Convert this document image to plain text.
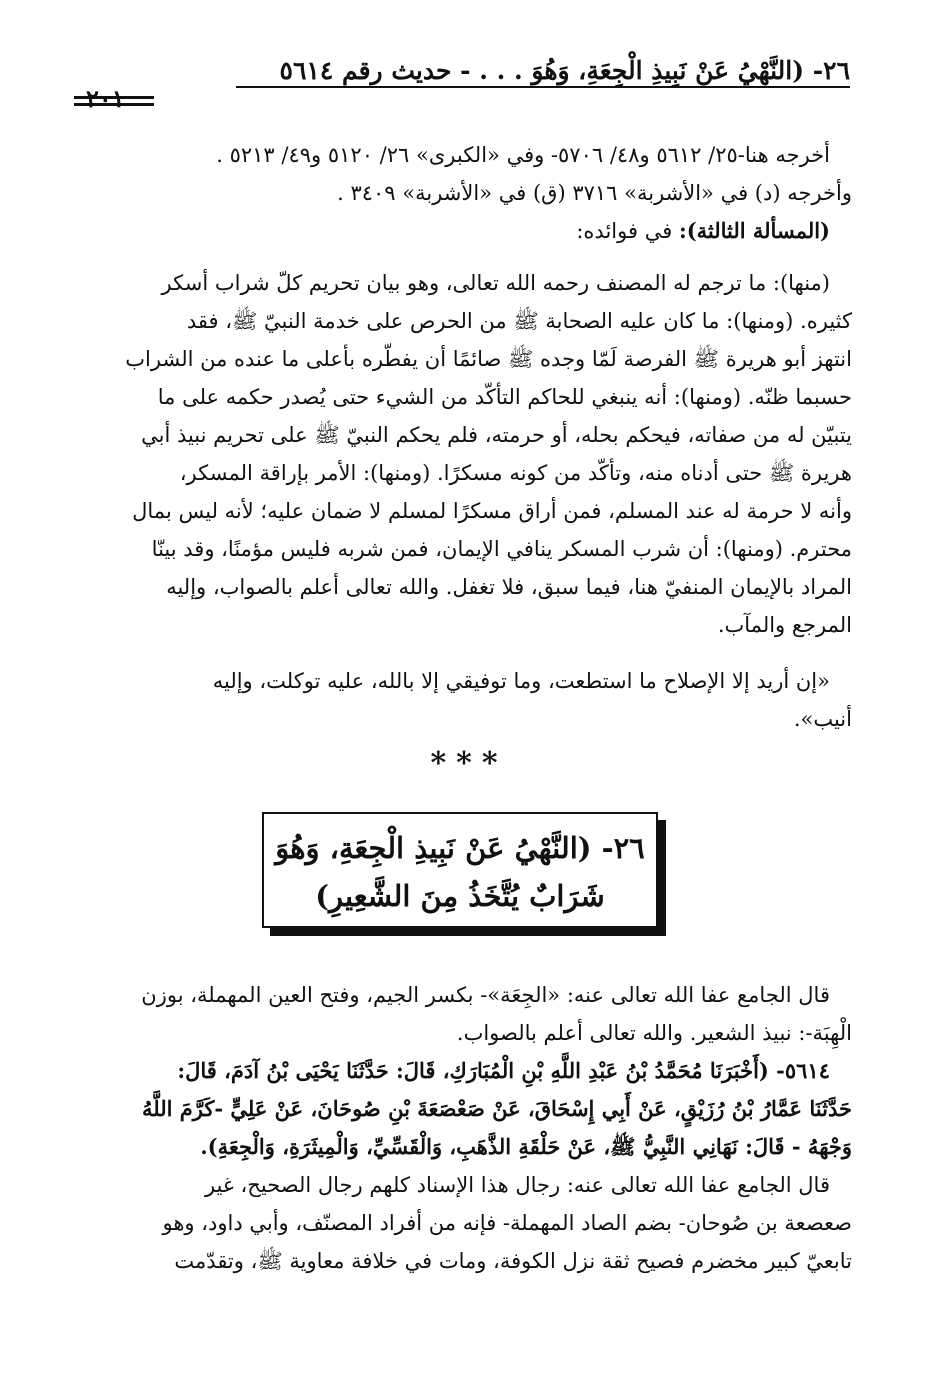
٢٦- (النَّهْيُ عَنْ نَبِيذِ الْجِعَةِ، وَهُوَ . . . - حديث رقم ٥٦١٤
٢٠١
أخرجه هنا-٢٥/ ٥٦١٢ و٤٨/ ٥٧٠٦- وفي «الكبرى» ٢٦/ ٥١٢٠ و٤٩/ ٥٢١٣ .
وأخرجه (د) في «الأشربة» ٣٧١٦ (ق) في «الأشربة» ٣٤٠٩ .
(المسألة الثالثة): في فوائده:
(منها): ما ترجم له المصنف رحمه الله تعالى، وهو بيان تحريم كلّ شراب أسكر
كثيره. (ومنها): ما كان عليه الصحابة ﷺ من الحرص على خدمة النبيّ ﷺ، فقد
انتهز أبو هريرة ﷺ الفرصة لَمّا وجده ﷺ صائمًا أن يفطّره بأعلى ما عنده من الشراب
حسبما ظنّه. (ومنها): أنه ينبغي للحاكم التأكّد من الشيء حتى يُصدر حكمه على ما
يتبيّن له من صفاته، فيحكم بحله، أو حرمته، فلم يحكم النبيّ ﷺ على تحريم نبيذ أبي
هريرة ﷺ حتى أدناه منه، وتأكّد من كونه مسكرًا. (ومنها): الأمر بإراقة المسكر،
وأنه لا حرمة له عند المسلم، فمن أراق مسكرًا لمسلم لا ضمان عليه؛ لأنه ليس بمال
محترم. (ومنها): أن شرب المسكر ينافي الإيمان، فمن شربه فليس مؤمنًا، وقد بينّا
المراد بالإيمان المنفيّ هنا، فيما سبق، فلا تغفل. والله تعالى أعلم بالصواب، وإليه
المرجع والمآب.
«إن أريد إلا الإصلاح ما استطعت، وما توفيقي إلا بالله، عليه توكلت، وإليه
أنيب».
***
٢٦- (النَّهْيُ عَنْ نَبِيذِ الْجِعَةِ، وَهُوَ
شَرَابٌ يُتَّخَذُ مِنَ الشَّعِيرِ)
قال الجامع عفا الله تعالى عنه: «الجِعَة»- بكسر الجيم، وفتح العين المهملة، بوزن
الْهِبَة-: نبيذ الشعير. والله تعالى أعلم بالصواب.
٥٦١٤- (أَخْبَرَنَا مُحَمَّدُ بْنُ عَبْدِ اللَّهِ بْنِ الْمُبَارَكِ، قَالَ: حَدَّثَنَا يَحْيَى بْنُ آدَمَ، قَالَ:
حَدَّثَنَا عَمَّارُ بْنُ رُزَيْقٍ، عَنْ أَبِي إِسْحَاقَ، عَنْ صَعْصَعَةَ بْنِ صُوحَانَ، عَنْ عَلِيٍّ -كَرَّمَ اللَّهُ
وَجْهَهُ - قَالَ: نَهَانِي النَّبِيُّ ﷺ، عَنْ حَلْقَةِ الذَّهَبِ، وَالْقَسِّيِّ، وَالْمِيثَرَةِ، وَالْجِعَةِ).
قال الجامع عفا الله تعالى عنه: رجال هذا الإسناد كلهم رجال الصحيح، غير
صعصعة بن صُوحان- بضم الصاد المهملة- فإنه من أفراد المصنّف، وأبي داود، وهو
تابعيّ كبير مخضرم فصيح ثقة نزل الكوفة، ومات في خلافة معاوية ﷺ، وتقدّمت
